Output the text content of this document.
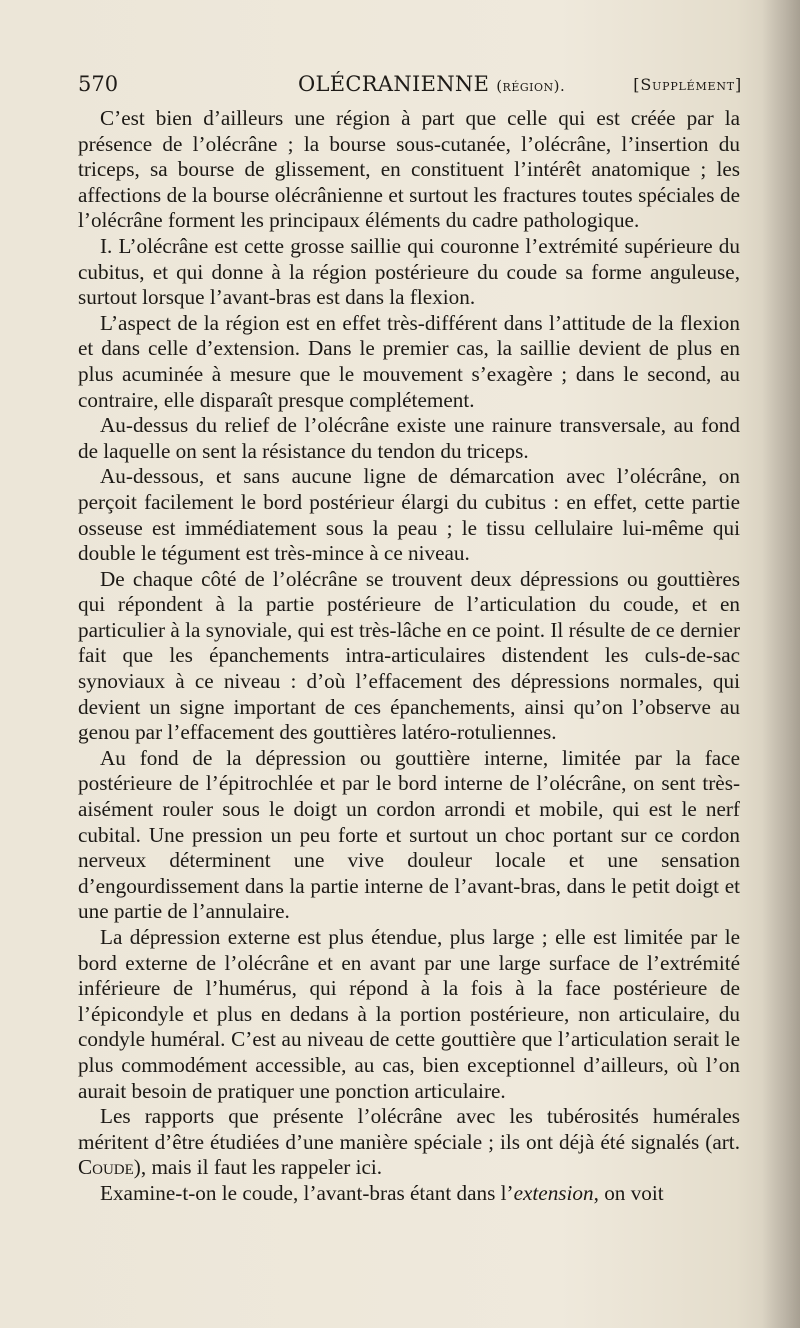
570	OLÉCRANIENNE (région).	[Supplément]

C’est bien d’ailleurs une région à part que celle qui est créée par la présence de l’olécrâne ; la bourse sous-cutanée, l’olécrâne, l’insertion du triceps, sa bourse de glissement, en constituent l’intérêt anatomique ; les affections de la bourse olécrânienne et surtout les fractures toutes spéciales de l’olécrâne forment les principaux éléments du cadre pathologique.

I. L’olécrâne est cette grosse saillie qui couronne l’extrémité supérieure du cubitus, et qui donne à la région postérieure du coude sa forme anguleuse, surtout lorsque l’avant-bras est dans la flexion.

L’aspect de la région est en effet très-différent dans l’attitude de la flexion et dans celle d’extension. Dans le premier cas, la saillie devient de plus en plus acuminée à mesure que le mouvement s’exagère ; dans le second, au contraire, elle disparaît presque complétement.

Au-dessus du relief de l’olécrâne existe une rainure transversale, au fond de laquelle on sent la résistance du tendon du triceps.

Au-dessous, et sans aucune ligne de démarcation avec l’olécrâne, on perçoit facilement le bord postérieur élargi du cubitus : en effet, cette partie osseuse est immédiatement sous la peau ; le tissu cellulaire lui-même qui double le tégument est très-mince à ce niveau.

De chaque côté de l’olécrâne se trouvent deux dépressions ou gouttières qui répondent à la partie postérieure de l’articulation du coude, et en particulier à la synoviale, qui est très-lâche en ce point. Il résulte de ce dernier fait que les épanchements intra-articulaires distendent les culs-de-sac synoviaux à ce niveau : d’où l’effacement des dépressions normales, qui devient un signe important de ces épanchements, ainsi qu’on l’observe au genou par l’effacement des gouttières latéro-rotuliennes.

Au fond de la dépression ou gouttière interne, limitée par la face postérieure de l’épitrochlée et par le bord interne de l’olécrâne, on sent très-aisément rouler sous le doigt un cordon arrondi et mobile, qui est le nerf cubital. Une pression un peu forte et surtout un choc portant sur ce cordon nerveux déterminent une vive douleur locale et une sensation d’engourdissement dans la partie interne de l’avant-bras, dans le petit doigt et une partie de l’annulaire.

La dépression externe est plus étendue, plus large ; elle est limitée par le bord externe de l’olécrâne et en avant par une large surface de l’extrémité inférieure de l’humérus, qui répond à la fois à la face postérieure de l’épicondyle et plus en dedans à la portion postérieure, non articulaire, du condyle huméral. C’est au niveau de cette gouttière que l’articulation serait le plus commodément accessible, au cas, bien exceptionnel d’ailleurs, où l’on aurait besoin de pratiquer une ponction articulaire.

Les rapports que présente l’olécrâne avec les tubérosités humérales méritent d’être étudiées d’une manière spéciale ; ils ont déjà été signalés (art. Coude), mais il faut les rappeler ici.

Examine-t-on le coude, l’avant-bras étant dans l’extension, on voit
